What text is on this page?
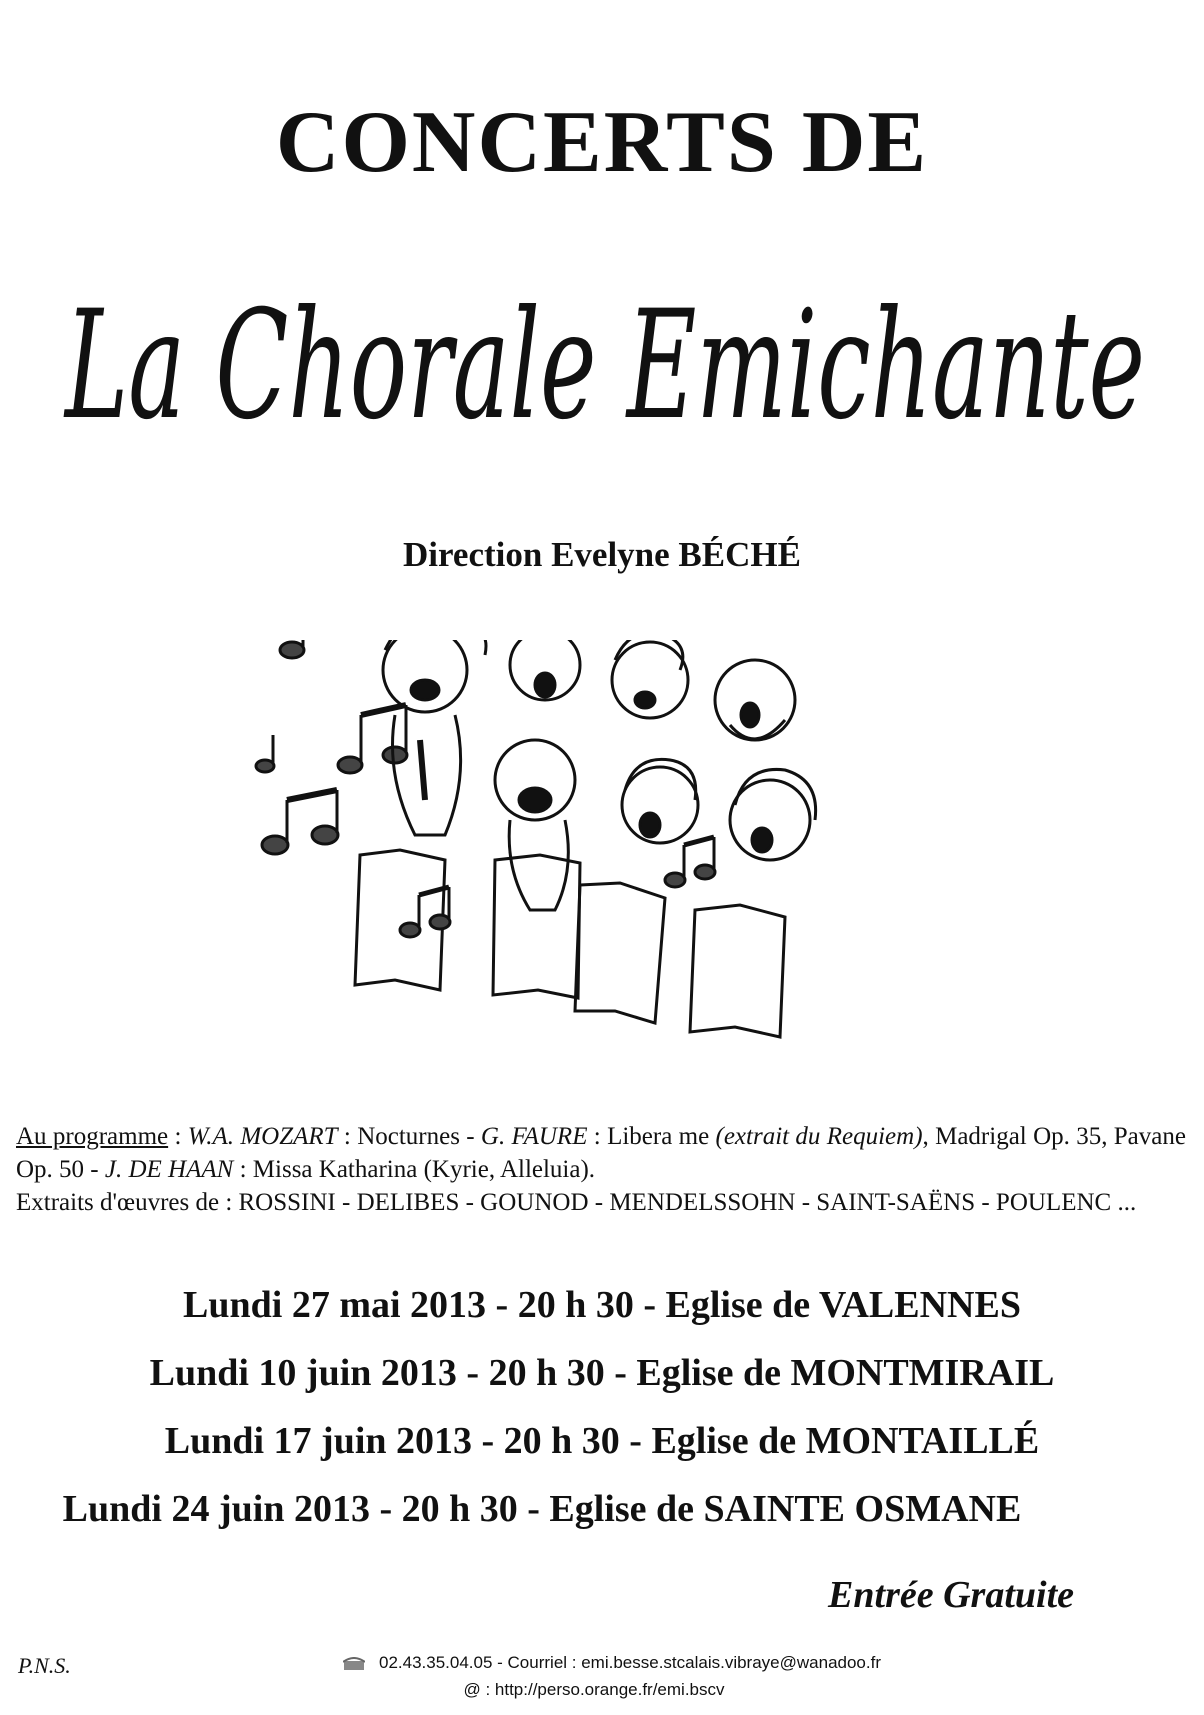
CONCERTS DE
La Chorale Emichante
Direction Evelyne BÉCHÉ
Au programme : W.A. MOZART : Nocturnes - G. FAURE : Libera me (extrait du Requiem), Madrigal Op. 35, Pavane Op. 50 - J. DE HAAN : Missa Katharina (Kyrie, Alleluia).
Extraits d'œuvres de : ROSSINI - DELIBES - GOUNOD - MENDELSSOHN - SAINT-SAËNS - POULENC ...
Lundi 27 mai 2013 - 20 h 30 - Eglise de VALENNES
Lundi 10 juin 2013 - 20 h 30 - Eglise de MONTMIRAIL
Lundi 17 juin 2013 - 20 h 30 - Eglise de MONTAILLÉ
Lundi 24 juin 2013 - 20 h 30 - Eglise de SAINTE OSMANE
Entrée Gratuite
P.N.S.	02.43.35.04.05 - Courriel : emi.besse.stcalais.vibraye@wanadoo.fr
@ : http://perso.orange.fr/emi.bscv
